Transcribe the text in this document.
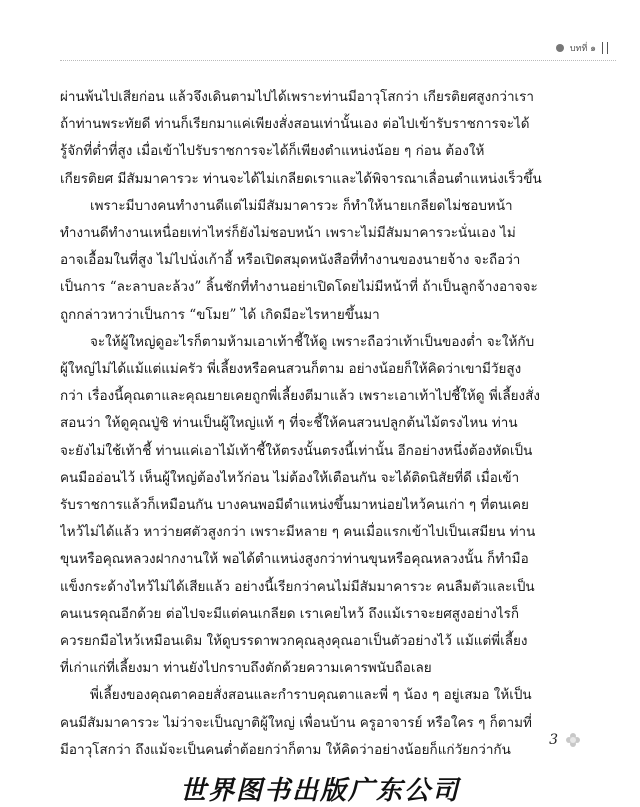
บทที่ ๑
ผ่านพ้นไปเสียก่อน แล้วจึงเดินตามไปได้เพราะท่านมีอาวุโสกว่า เกียรติยศสูงกว่าเรา
ถ้าท่านพระทัยดี ท่านก็เรียกมาแค่เพียงสั่งสอนเท่านั้นเอง ต่อไปเข้ารับราชการจะได้
รู้จักที่ต่ำที่สูง เมื่อเข้าไปรับราชการจะได้ก็เพียงตำแหน่งน้อย ๆ ก่อน ต้องให้
เกียรติยศ มีสัมมาคารวะ ท่านจะได้ไม่เกลียดเราและได้พิจารณาเลื่อนตำแหน่งเร็วขึ้น
เพราะมีบางคนทำงานดีแต่ไม่มีสัมมาคารวะ ก็ทำให้นายเกลียดไม่ชอบหน้า
ทำงานดีทำงานเหนื่อยเท่าไหร่ก็ยังไม่ชอบหน้า เพราะไม่มีสัมมาคารวะนั่นเอง ไม่
อาจเอื้อมในที่สูง ไม่ไปนั่งเก้าอี้ หรือเปิดสมุดหนังสือที่ทำงานของนายจ้าง จะถือว่า
เป็นการ “ละลาบละล้วง” ลิ้นชักที่ทำงานอย่าเปิดโดยไม่มีหน้าที่ ถ้าเป็นลูกจ้างอาจจะ
ถูกกล่าวหาว่าเป็นการ “ขโมย” ได้ เกิดมีอะไรหายขึ้นมา
จะให้ผู้ใหญ่ดูอะไรก็ตามห้ามเอาเท้าชี้ให้ดู เพราะถือว่าเท้าเป็นของต่ำ จะให้กับ
ผู้ใหญ่ไม่ได้แม้แต่แม่ครัว พี่เลี้ยงหรือคนสวนก็ตาม อย่างน้อยก็ให้คิดว่าเขามีวัยสูง
กว่า เรื่องนี้คุณตาและคุณยายเคยถูกพี่เลี้ยงตีมาแล้ว เพราะเอาเท้าไปชี้ให้ดู พี่เลี้ยงสั่ง
สอนว่า ให้ดูคุณปู่ชิ ท่านเป็นผู้ใหญ่แท้ ๆ ที่จะชี้ให้คนสวนปลูกต้นไม้ตรงไหน ท่าน
จะยังไม่ใช้เท้าชี้ ท่านแค่เอาไม้เท้าชี้ให้ตรงนั้นตรงนี้เท่านั้น อีกอย่างหนึ่งต้องหัดเป็น
คนมืออ่อนไว้ เห็นผู้ใหญ่ต้องไหว้ก่อน ไม่ต้องให้เตือนกัน จะได้ติดนิสัยที่ดี เมื่อเข้า
รับราชการแล้วก็เหมือนกัน บางคนพอมีตำแหน่งขึ้นมาหน่อยไหว้คนเก่า ๆ ที่ตนเคย
ไหว้ไม่ได้แล้ว หาว่ายศตัวสูงกว่า เพราะมีหลาย ๆ คนเมื่อแรกเข้าไปเป็นเสมียน ท่าน
ขุนหรือคุณหลวงฝากงานให้ พอได้ตำแหน่งสูงกว่าท่านขุนหรือคุณหลวงนั้น ก็ทำมือ
แข็งกระด้างไหว้ไม่ได้เสียแล้ว อย่างนี้เรียกว่าคนไม่มีสัมมาคารวะ คนลืมตัวและเป็น
คนเนรคุณอีกด้วย ต่อไปจะมีแต่คนเกลียด เราเคยไหว้ ถึงแม้เราจะยศสูงอย่างไรก็
ควรยกมือไหว้เหมือนเดิม ให้ดูบรรดาพวกคุณลุงคุณอาเป็นตัวอย่างไว้ แม้แต่พี่เลี้ยง
ที่เก่าแก่ที่เลี้ยงมา ท่านยังไปกราบถึงตักด้วยความเคารพนับถือเลย
พี่เลี้ยงของคุณตาคอยสั่งสอนและกำราบคุณตาและพี่ ๆ น้อง ๆ อยู่เสมอ ให้เป็น
คนมีสัมมาคารวะ ไม่ว่าจะเป็นญาติผู้ใหญ่ เพื่อนบ้าน ครูอาจารย์ หรือใคร ๆ ก็ตามที่
มีอาวุโสกว่า ถึงแม้จะเป็นคนต่ำต้อยกว่าก็ตาม ให้คิดว่าอย่างน้อยก็แก่วัยกว่ากัน
3
世界图书出版广东公司
